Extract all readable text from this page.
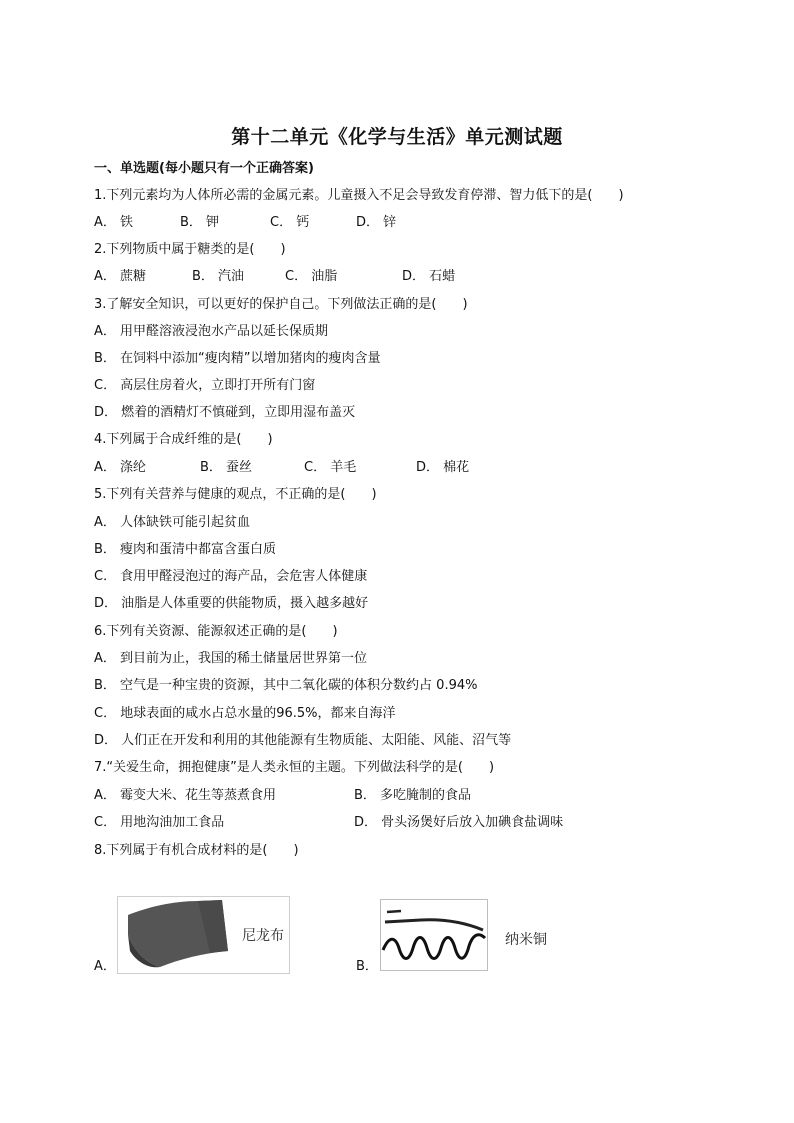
第十二单元《化学与生活》单元测试题
一、单选题(每小题只有一个正确答案)
1.下列元素均为人体所必需的金属元素。儿童摄入不足会导致发育停滞、智力低下的是(　　)
A． 铁	B． 钾	C． 钙	D． 锌
2.下列物质中属于糖类的是(　　)
A． 蔗糖	B． 汽油	C． 油脂	D． 石蜡
3.了解安全知识，可以更好的保护自己。下列做法正确的是(　　)
A． 用甲醛溶液浸泡水产品以延长保质期
B． 在饲料中添加“瘦肉精”以增加猪肉的瘦肉含量
C． 高层住房着火，立即打开所有门窗
D． 燃着的酒精灯不慎碰到，立即用湿布盖灭
4.下列属于合成纤维的是(　　)
A． 涤纶	B． 蚕丝	C． 羊毛	D． 棉花
5.下列有关营养与健康的观点，不正确的是(　　)
A． 人体缺铁可能引起贫血
B． 瘦肉和蛋清中都富含蛋白质
C． 食用甲醛浸泡过的海产品，会危害人体健康
D． 油脂是人体重要的供能物质，摄入越多越好
6.下列有关资源、能源叙述正确的是(　　)
A． 到目前为止，我国的稀土储量居世界第一位
B． 空气是一种宝贵的资源，其中二氧化碳的体积分数约占 0.94%
C． 地球表面的咸水占总水量的96.5%，都来自海洋
D． 人们正在开发和利用的其他能源有生物质能、太阳能、风能、沼气等
7.“关爱生命，拥抱健康”是人类永恒的主题。下列做法科学的是(　　)
A． 霉变大米、花生等蒸煮食用	B． 多吃腌制的食品
C． 用地沟油加工食品	D． 骨头汤煲好后放入加碘食盐调味
8.下列属于有机合成材料的是(　　)
A．
尼龙布
B．
纳米铜
